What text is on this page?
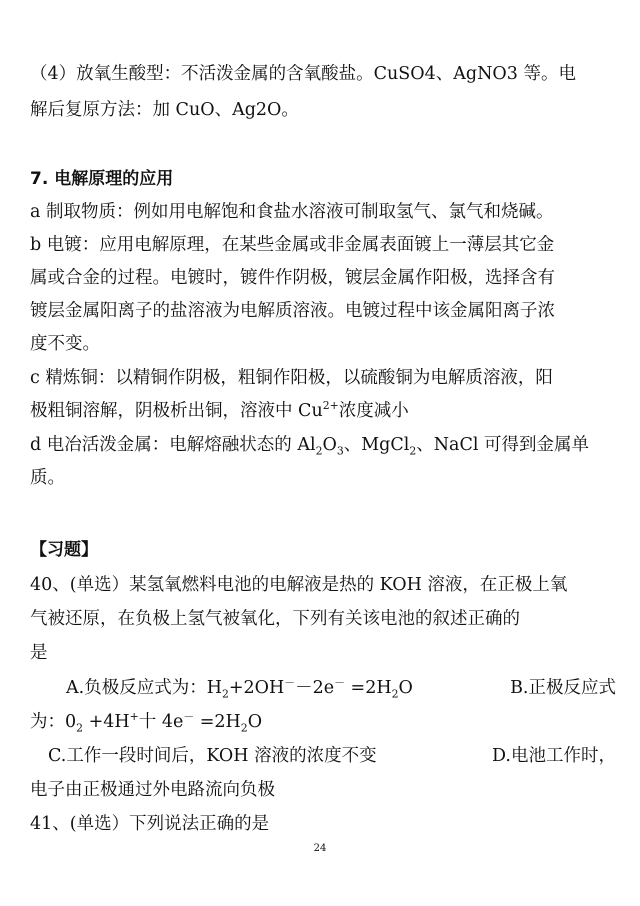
（4）放氧生酸型：不活泼金属的含氧酸盐。CuSO4、AgNO3 等。电
解后复原方法：加 CuO、Ag2O。
7. 电解原理的应用
a 制取物质：例如用电解饱和食盐水溶液可制取氢气、氯气和烧碱。
b 电镀：应用电解原理，在某些金属或非金属表面镀上一薄层其它金
属或合金的过程。电镀时，镀件作阴极，镀层金属作阳极，选择含有
镀层金属阳离子的盐溶液为电解质溶液。电镀过程中该金属阳离子浓
度不变。
c 精炼铜：以精铜作阴极，粗铜作阳极，以硫酸铜为电解质溶液，阳
极粗铜溶解，阴极析出铜，溶液中 $Cu^{2+}$浓度减小
d 电冶活泼金属：电解熔融状态的 $Al_2O_3$、MgCl$_2$、NaCl 可得到金属单
质。
【习题】
40、(单选）某氢氧燃料电池的电解液是热的 KOH 溶液，在正极上氧
气被还原，在负极上氢气被氧化，下列有关该电池的叙述正确的
是
A.负极反应式为：$H_2+2OH^--2e^- =2H_2O$	B.正极反应式
为：$0_2 +4H^+$十 $4e^- =2H_2O$
C.工作一段时间后，KOH 溶液的浓度不变	D.电池工作时，
电子由正极通过外电路流向负极
41、(单选）下列说法正确的是
24
